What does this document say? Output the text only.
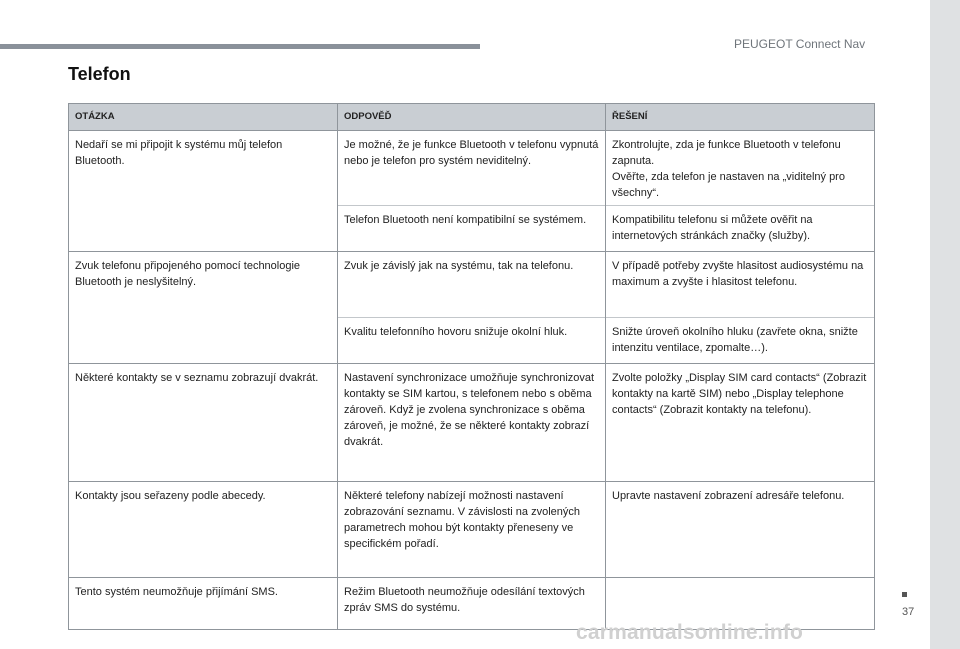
PEUGEOT Connect Nav
Telefon
OTÁZKA	ODPOVĚĎ	ŘEŠENÍ
Nedaří se mi připojit k systému můj telefon Bluetooth.	Je možné, že je funkce Bluetooth v telefonu vypnutá nebo je telefon pro systém neviditelný.	Zkontrolujte, zda je funkce Bluetooth v telefonu zapnuta.
Ověřte, zda telefon je nastaven na „viditelný pro všechny“.
	Telefon Bluetooth není kompatibilní se systémem.	Kompatibilitu telefonu si můžete ověřit na internetových stránkách značky (služby).
Zvuk telefonu připojeného pomocí technologie Bluetooth je neslyšitelný.	Zvuk je závislý jak na systému, tak na telefonu.	V případě potřeby zvyšte hlasitost audiosystému na maximum a zvyšte i hlasitost telefonu.
	Kvalitu telefonního hovoru snižuje okolní hluk.	Snižte úroveň okolního hluku (zavřete okna, snižte intenzitu ventilace, zpomalte…).
Některé kontakty se v seznamu zobrazují dvakrát.	Nastavení synchronizace umožňuje synchronizovat kontakty se SIM kartou, s telefonem nebo s oběma zároveň. Když je zvolena synchronizace s oběma zároveň, je možné, že se některé kontakty zobrazí dvakrát.	Zvolte položky „Display SIM card contacts“ (Zobrazit kontakty na kartě SIM) nebo „Display telephone contacts“ (Zobrazit kontakty na telefonu).
Kontakty jsou seřazeny podle abecedy.	Některé telefony nabízejí možnosti nastavení zobrazování seznamu. V závislosti na zvolených parametrech mohou být kontakty přeneseny ve specifickém pořadí.	Upravte nastavení zobrazení adresáře telefonu.
Tento systém neumožňuje přijímání SMS.	Režim Bluetooth neumožňuje odesílání textových zpráv SMS do systému.		37
carmanualsonline.info
